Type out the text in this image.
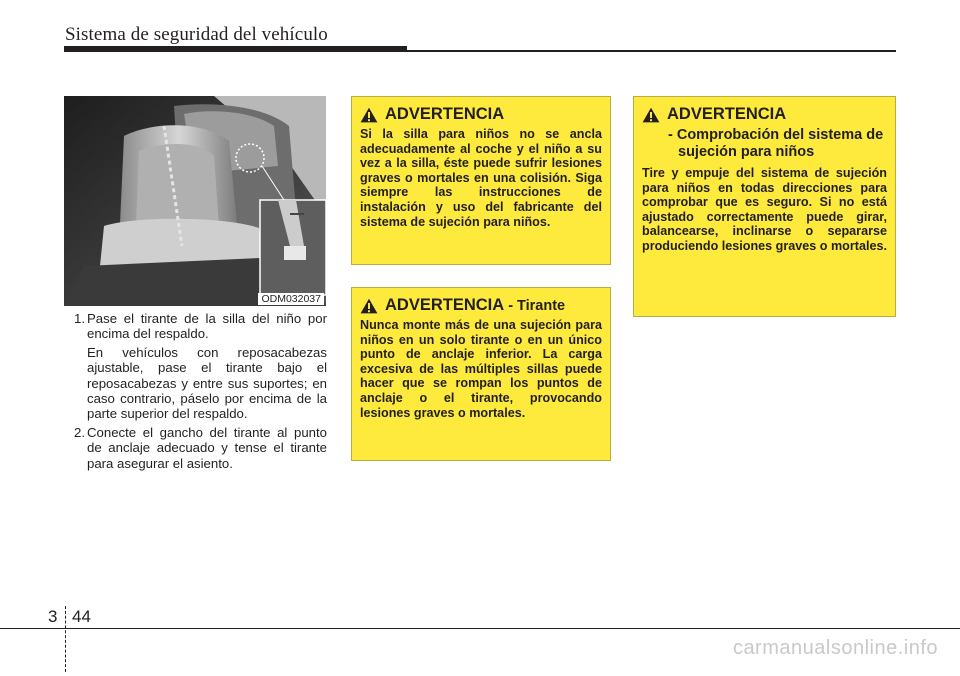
Sistema de seguridad del vehículo
ODM032037
1. Pase el tirante de la silla del niño por encima del respaldo.

En vehículos con reposacabezas ajustable, pase el tirante bajo el reposacabezas y entre sus suportes; en caso contrario, páselo por encima de la parte superior del respaldo.

2. Conecte el gancho del tirante al punto de anclaje adecuado y tense el tirante para asegurar el asiento.

ADVERTENCIA
Si la silla para niños no se ancla adecuadamente al coche y el niño a su vez a la silla, éste puede sufrir lesiones graves o mortales en una colisión. Siga siempre las instrucciones de instalación y uso del fabricante del sistema de sujeción para niños.
ADVERTENCIA - Tirante
Nunca monte más de una sujeción para niños en un solo tirante o en un único punto de anclaje inferior. La carga excesiva de las múltiples sillas puede hacer que se rompan los puntos de anclaje o el tirante, provocando lesiones graves o mortales.
ADVERTENCIA
- Comprobación del sistema de sujeción para niños
Tire y empuje del sistema de sujeción para niños en todas direcciones para comprobar que es seguro. Si no está ajustado correctamente puede girar, balancearse, inclinarse o separarse produciendo lesiones graves o mortales.
3 44
carmanualsonline.info
